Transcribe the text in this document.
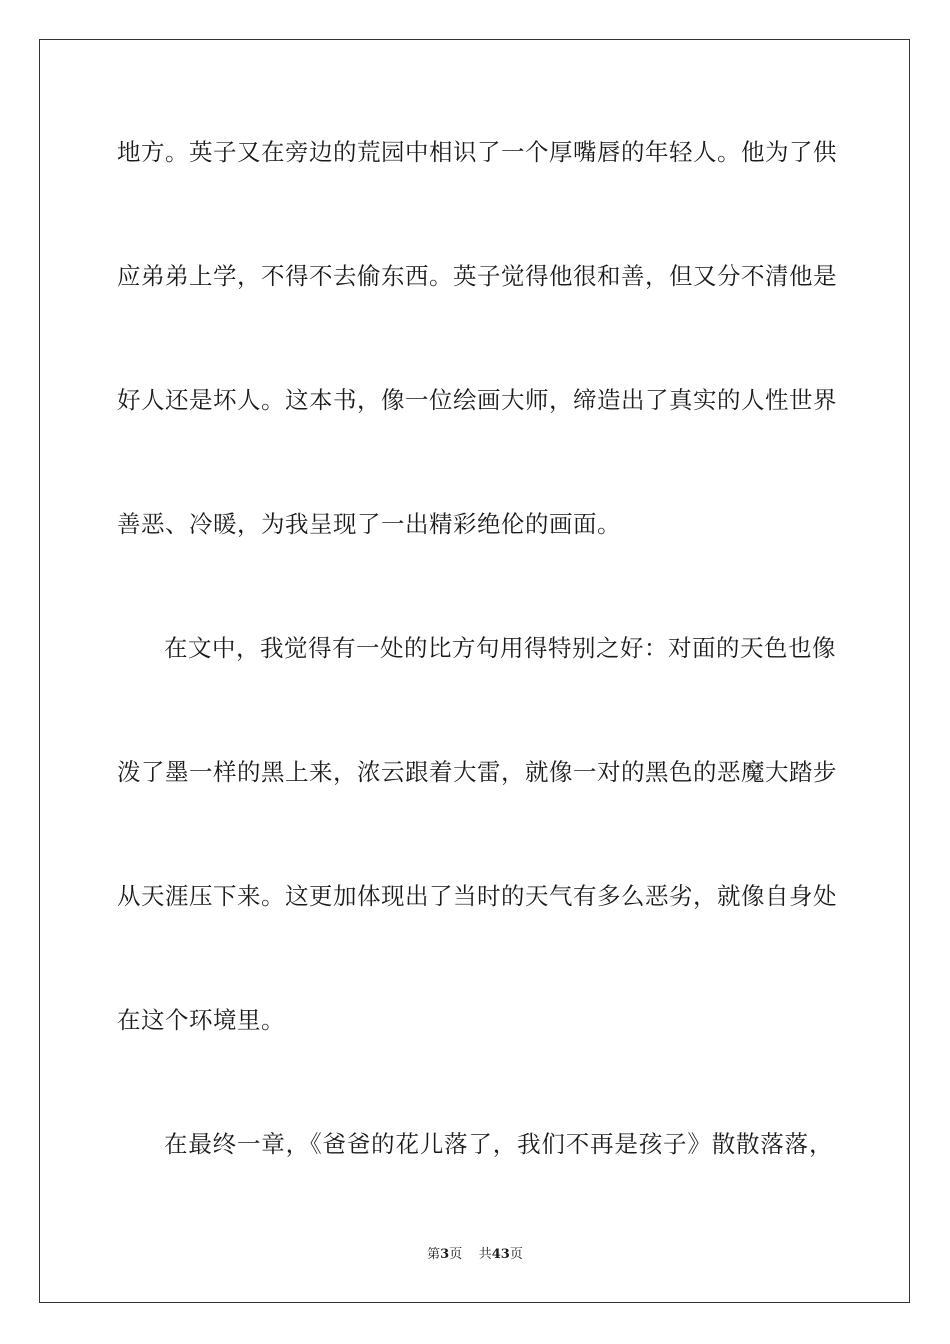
地方。英子又在旁边的荒园中相识了一个厚嘴唇的年轻人。他为了供
应弟弟上学，不得不去偷东西。英子觉得他很和善，但又分不清他是
好人还是坏人。这本书，像一位绘画大师，缔造出了真实的人性世界
善恶、冷暖，为我呈现了一出精彩绝伦的画面。
在文中，我觉得有一处的比方句用得特别之好：对面的天色也像
泼了墨一样的黑上来，浓云跟着大雷，就像一对的黑色的恶魔大踏步
从天涯压下来。这更加体现出了当时的天气有多么恶劣，就像自身处
在这个环境里。
在最终一章，《爸爸的花儿落了，我们不再是孩子》散散落落，
第3页 共43页
